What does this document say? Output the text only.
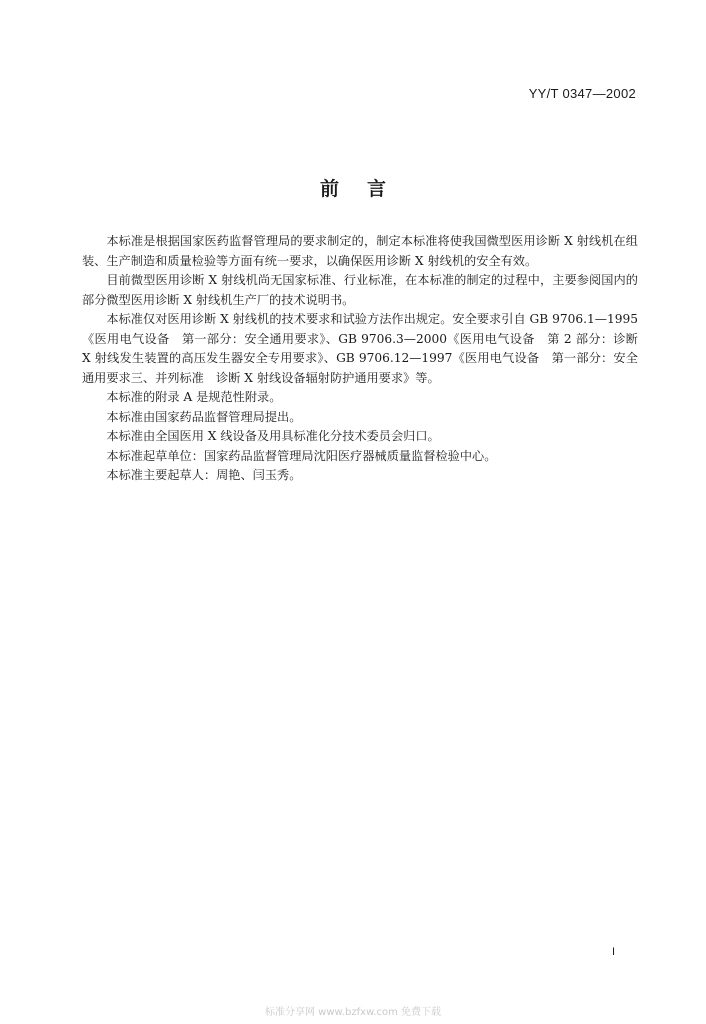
YY/T 0347—2002
前言

本标准是根据国家医药监督管理局的要求制定的，制定本标准将使我国微型医用诊断 X 射线机在组装、生产制造和质量检验等方面有统一要求，以确保医用诊断 X 射线机的安全有效。

目前微型医用诊断 X 射线机尚无国家标准、行业标准，在本标准的制定的过程中，主要参阅国内的部分微型医用诊断 X 射线机生产厂的技术说明书。

本标准仅对医用诊断 X 射线机的技术要求和试验方法作出规定。安全要求引自 GB 9706.1—1995《医用电气设备　第一部分：安全通用要求》、GB 9706.3—2000《医用电气设备　第 2 部分：诊断 X 射线发生装置的高压发生器安全专用要求》、GB 9706.12—1997《医用电气设备　第一部分：安全通用要求三、并列标准　诊断 X 射线设备辐射防护通用要求》等。

本标准的附录 A 是规范性附录。

本标准由国家药品监督管理局提出。

本标准由全国医用 X 线设备及用具标准化分技术委员会归口。

本标准起草单位：国家药品监督管理局沈阳医疗器械质量监督检验中心。

本标准主要起草人：周艳、闫玉秀。

I
标准分享网 www.bzfxw.com 免费下载
